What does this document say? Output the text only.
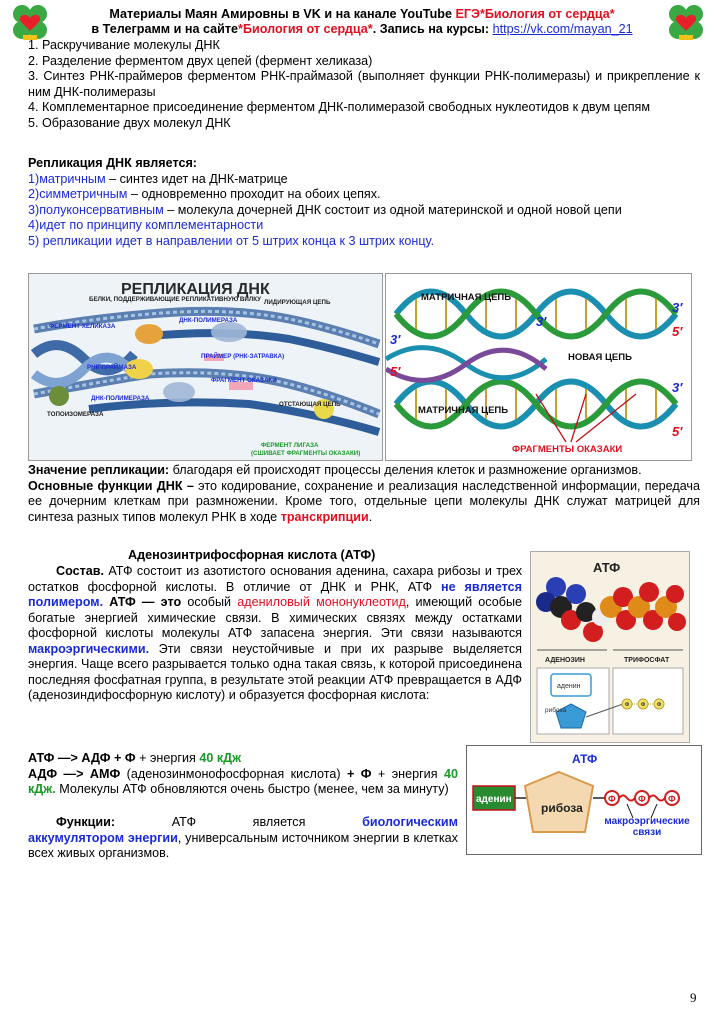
Материалы Маян Амировны в VK и на канале YouTube ЕГЭ*Биология от сердца*
в Телеграмм и на сайте*Биология от сердца*. Запись на курсы: https://vk.com/mayan_21

1. Раскручивание молекулы ДНК

2. Разделение ферментом двух цепей (фермент хеликаза)

3. Синтез РНК-праймеров ферментом РНК-праймазой (выполняет функции РНК-полимеразы) и прикрепление к ним ДНК-полимеразы

4. Комплементарное присоединение ферментом ДНК-полимеразой свободных нуклеотидов к двум цепям

5. Образование двух молекул ДНК

Репликация ДНК является:

1)матричным – синтез идет на ДНК-матрице

2)симметричным – одновременно проходит на обоих цепях.

3)полуконсервативным – молекула дочерней ДНК состоит из одной материнской и одной новой цепи

4)идет по принципу комплементарности

5) репликации идет в направлении от 5 штрих конца к 3 штрих концу.

РЕПЛИКАЦИЯ ДНК
БЕЛКИ, ПОДДЕРЖИВАЮЩИЕ РЕПЛИКАТИВНУЮ ВИЛКУ
ФЕРМЕНТ ХЕЛИКАЗА
ДНК-ПОЛИМЕРАЗА
ЛИДИРУЮЩАЯ ЦЕПЬ
ПРАЙМЕР (РНК-ЗАТРАВКА)
РНК-ПРАЙМАЗА
ФРАГМЕНТ ОКАЗАКИ
ДНК-ПОЛИМЕРАЗА
ТОПОИЗОМЕРАЗА
ОТСТАЮЩАЯ ЦЕПЬ
ФЕРМЕНТ ЛИГАЗА
(СШИВАЕТ ФРАГМЕНТЫ ОКАЗАКИ)
МАТРИЧНАЯ ЦЕПЬ
НОВАЯ ЦЕПЬ
МАТРИЧНАЯ ЦЕПЬ
ФРАГМЕНТЫ ОКАЗАКИ
3′
5′
3′
3′
5′
3′
5′

Значение репликации: благодаря ей происходят процессы деления клеток и размножение организмов.

Основные функции ДНК – это кодирование, сохранение и реализация наследственной информации, передача ее дочерним клеткам при размножении. Кроме того, отдельные цепи молекулы ДНК служат матрицей для синтеза разных типов молекул РНК в ходе транскрипции.

Аденозинтрифосфорная кислота (АТФ)

Состав. АТФ состоит из азотистого основания аденина, сахара рибозы и трех остатков фосфорной кислоты. В отличие от ДНК и РНК, АТФ не является полимером. АТФ — это особый адениловый мононуклеотид, имеющий особые богатые энергией химические связи. В химических связях между остатками фосфорной кислоты молекулы АТФ запасена энергия. Эти связи называются макроэргическими. Эти связи неустойчивые и при их разрыве выделяется энергия. Чаще всего разрывается только одна такая связь, к которой присоединена последняя фосфатная группа, в результате этой реакции АТФ превращается в АДФ (аденозиндифосфорную кислоту) и образуется фосфорная кислота:

АТФ —> АДФ + Ф + энергия 40 кДж

АДФ —> АМФ (аденозинмонофосфорная кислота) + Ф + энергия 40 кДж. Молекулы АТФ обновляются очень быстро (менее, чем за минуту)

Функции:          АТФ          является          биологическим аккумулятором энергии, универсальным источником энергии в клетках всех живых организмов.

АТФ
АДЕНОЗИН	ТРИФОСФАТ
аденин
рибоза
Ф Ф Ф
АТФ
аденин
рибоза
Ф Ф Ф
макроэргические связи
9
